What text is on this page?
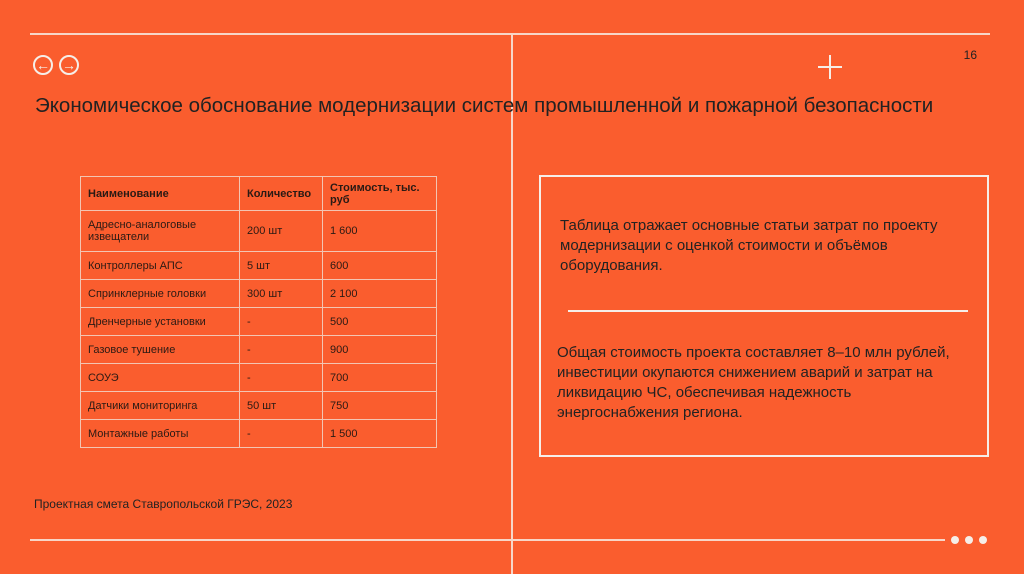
← →
16
Экономическое обоснование модернизации систем промышленной и пожарной безопасности
Наименование	Количество	Стоимость, тыс. руб
Адресно-аналоговые извещатели	200 шт	1 600
Контроллеры АПС	5 шт	600
Спринклерные головки	300 шт	2 100
Дренчерные установки	-	500
Газовое тушение	-	900
СОУЭ	-	700
Датчики мониторинга	50 шт	750
Монтажные работы	-	1 500
Таблица отражает основные статьи затрат по проекту модернизации с оценкой стоимости и объёмов оборудования.
Общая стоимость проекта составляет 8–10 млн рублей, инвестиции окупаются снижением аварий и затрат на ликвидацию ЧС, обеспечивая надежность энергоснабжения региона.
Проектная смета Ставропольской ГРЭС, 2023
